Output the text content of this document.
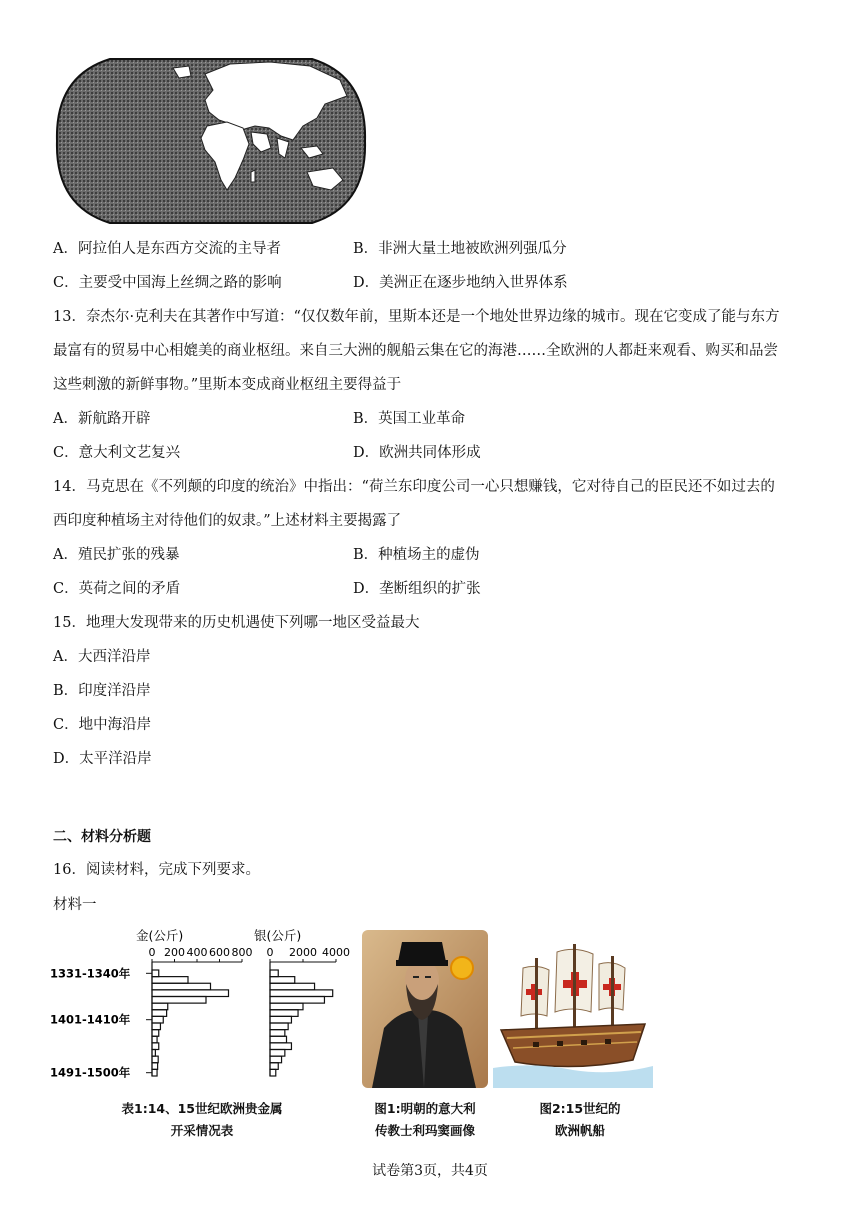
A．阿拉伯人是东西方交流的主导者	B．非洲大量土地被欧洲列强瓜分
C．主要受中国海上丝绸之路的影响	D．美洲正在逐步地纳入世界体系
13．奈杰尔·克利夫在其著作中写道：“仅仅数年前，里斯本还是一个地处世界边缘的城市。现在它变成了能与东方
最富有的贸易中心相媲美的商业枢纽。来自三大洲的舰船云集在它的海港……全欧洲的人都赶来观看、购买和品尝
这些刺激的新鲜事物。”里斯本变成商业枢纽主要得益于
A．新航路开辟	B．英国工业革命
C．意大利文艺复兴	D．欧洲共同体形成
14．马克思在《不列颠的印度的统治》中指出：“荷兰东印度公司一心只想赚钱，它对待自己的臣民还不如过去的
西印度种植场主对待他们的奴隶。”上述材料主要揭露了
A．殖民扩张的残暴	B．种植场主的虚伪
C．英荷之间的矛盾	D．垄断组织的扩张
15．地理大发现带来的历史机遇使下列哪一地区受益最大
A．大西洋沿岸
B．印度洋沿岸
C．地中海沿岸
D．太平洋沿岸
二、材料分析题
16．阅读材料，完成下列要求。
材料一
金(公斤)
0 200 400 600 800
银(公斤)
0 2000 4000
1331-1340年
1401-1410年
1491-1500年
表1:14、15世纪欧洲贵金属
开采情况表
图1:明朝的意大利
传教士利玛窦画像
图2:15世纪的
欧洲帆船
试卷第3页，共4页
